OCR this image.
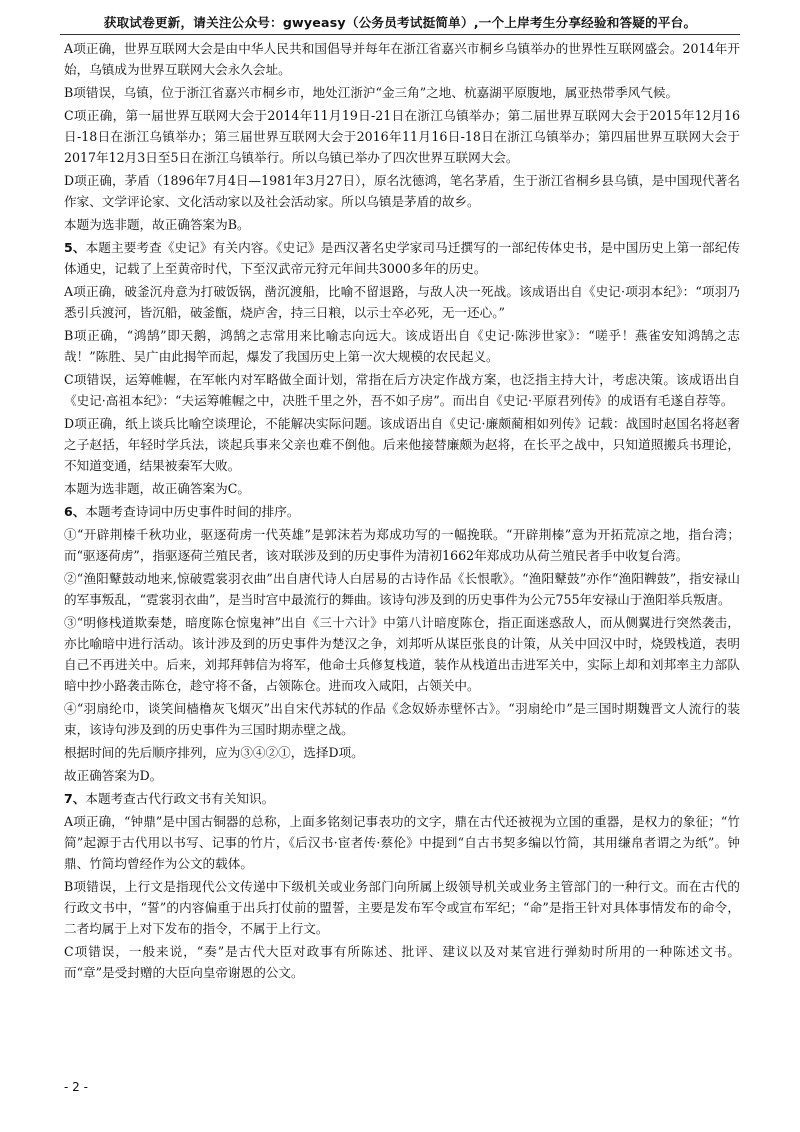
获取试卷更新，请关注公众号：gwyeasy（公务员考试挺简单）,一个上岸考生分享经验和答疑的平台。

A项正确，世界互联网大会是由中华人民共和国倡导并每年在浙江省嘉兴市桐乡乌镇举办的世界性互联网盛会。2014年开始，乌镇成为世界互联网大会永久会址。

B项错误，乌镇，位于浙江省嘉兴市桐乡市，地处江浙沪“金三角”之地、杭嘉湖平原腹地，属亚热带季风气候。

C项正确，第一届世界互联网大会于2014年11月19日-21日在浙江乌镇举办；第二届世界互联网大会于2015年12月16日-18日在浙江乌镇举办；第三届世界互联网大会于2016年11月16日-18日在浙江乌镇举办；第四届世界互联网大会于2017年12月3日至5日在浙江乌镇举行。所以乌镇已举办了四次世界互联网大会。

D项正确，茅盾（1896年7月4日—1981年3月27日），原名沈德鸿，笔名茅盾，生于浙江省桐乡县乌镇，是中国现代著名作家、文学评论家、文化活动家以及社会活动家。所以乌镇是茅盾的故乡。

本题为选非题，故正确答案为B。

5、本题主要考查《史记》有关内容。《史记》是西汉著名史学家司马迁撰写的一部纪传体史书，是中国历史上第一部纪传体通史，记载了上至黄帝时代，下至汉武帝元狩元年间共3000多年的历史。

A项正确，破釜沉舟意为打破饭锅，凿沉渡船，比喻不留退路，与敌人决一死战。该成语出自《史记·项羽本纪》：“项羽乃悉引兵渡河，皆沉船，破釜甑，烧庐舍，持三日粮，以示士卒必死，无一还心。”

B项正确，“鸿鹄”即天鹅，鸿鹄之志常用来比喻志向远大。该成语出自《史记·陈涉世家》：“嗟乎！燕雀安知鸿鹄之志哉！”陈胜、吴广由此揭竿而起，爆发了我国历史上第一次大规模的农民起义。

C项错误，运筹帷幄，在军帐内对军略做全面计划，常指在后方决定作战方案，也泛指主持大计，考虑决策。该成语出自《史记·高祖本纪》：“夫运筹帷幄之中，决胜千里之外，吾不如子房”。而出自《史记·平原君列传》的成语有毛遂自荐等。

D项正确，纸上谈兵比喻空谈理论，不能解决实际问题。该成语出自《史记·廉颇蔺相如列传》记载：战国时赵国名将赵奢之子赵括，年轻时学兵法，谈起兵事来父亲也难不倒他。后来他接替廉颇为赵将，在长平之战中，只知道照搬兵书理论，不知道变通，结果被秦军大败。

本题为选非题，故正确答案为C。

6、本题考查诗词中历史事件时间的排序。

①“开辟荆榛千秋功业，驱逐荷虏一代英雄”是郭沫若为郑成功写的一幅挽联。“开辟荆榛”意为开拓荒凉之地，指台湾；而“驱逐荷虏”，指驱逐荷兰殖民者，该对联涉及到的历史事件为清初1662年郑成功从荷兰殖民者手中收复台湾。

②“渔阳鼙鼓动地来,惊破霓裳羽衣曲”出自唐代诗人白居易的古诗作品《长恨歌》。“渔阳鼙鼓”亦作“渔阳鞞鼓”，指安禄山的军事叛乱，“霓裳羽衣曲”，是当时宫中最流行的舞曲。该诗句涉及到的历史事件为公元755年安禄山于渔阳举兵叛唐。

③“明修栈道欺秦楚，暗度陈仓惊鬼神”出自《三十六计》中第八计暗度陈仓，指正面迷惑敌人，而从侧翼进行突然袭击，亦比喻暗中进行活动。该计涉及到的历史事件为楚汉之争，刘邦听从谋臣张良的计策，从关中回汉中时，烧毁栈道，表明自己不再进关中。后来，刘邦拜韩信为将军，他命士兵修复栈道，装作从栈道出击进军关中，实际上却和刘邦率主力部队暗中抄小路袭击陈仓，趁守将不备，占领陈仓。进而攻入咸阳，占领关中。

④“羽扇纶巾，谈笑间樯橹灰飞烟灭”出自宋代苏轼的作品《念奴娇赤壁怀古》。“羽扇纶巾”是三国时期魏晋文人流行的装束，该诗句涉及到的历史事件为三国时期赤壁之战。

根据时间的先后顺序排列，应为③④②①，选择D项。

故正确答案为D。

7、本题考查古代行政文书有关知识。

A项正确，“钟鼎”是中国古铜器的总称，上面多铭刻记事表功的文字，鼎在古代还被视为立国的重器，是权力的象征；“竹简”起源于古代用以书写、记事的竹片，《后汉书·宦者传·蔡伦》中提到“自古书契多编以竹简，其用缣帛者谓之为纸”。钟鼎、竹简均曾经作为公文的载体。

B项错误，上行文是指现代公文传递中下级机关或业务部门向所属上级领导机关或业务主管部门的一种行文。而在古代的行政文书中，“誓”的内容偏重于出兵打仗前的盟誓，主要是发布军令或宣布军纪；“命”是指王针对具体事情发布的命令，二者均属于上对下发布的指令，不属于上行文。

C项错误，一般来说，“奏”是古代大臣对政事有所陈述、批评、建议以及对某官进行弹劾时所用的一种陈述文书。而“章”是受封赠的大臣向皇帝谢恩的公文。

- 2 -
